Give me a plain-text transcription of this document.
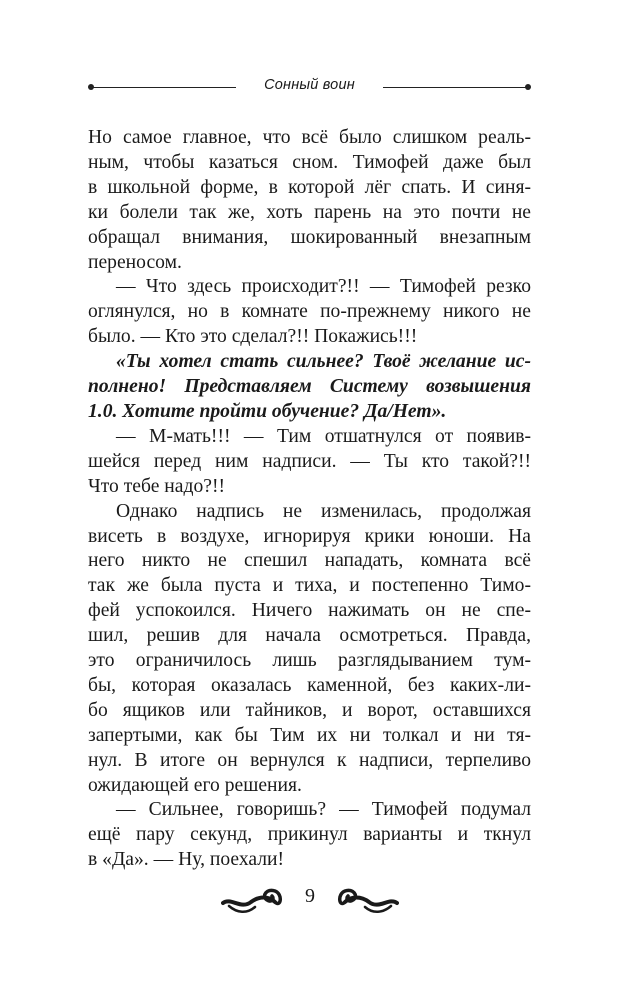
Сонный воин

Но самое главное, что всё было слишком реаль-

ным, чтобы казаться сном. Тимофей даже был

в школьной форме, в которой лёг спать. И синя-

ки болели так же, хоть парень на это почти не

обращал внимания, шокированный внезапным

переносом.

— Что здесь происходит?!! — Тимофей резко

оглянулся, но в комнате по-прежнему никого не

было. — Кто это сделал?!! Покажись!!!

«Ты хотел стать сильнее? Твоё желание ис-

полнено! Представляем Систему возвышения

1.0. Хотите пройти обучение? Да/Нет».

— М-мать!!! — Тим отшатнулся от появив-

шейся перед ним надписи. — Ты кто такой?!!

Что тебе надо?!!

Однако надпись не изменилась, продолжая

висеть в воздухе, игнорируя крики юноши. На

него никто не спешил нападать, комната всё

так же была пуста и тиха, и постепенно Тимо-

фей успокоился. Ничего нажимать он не спе-

шил, решив для начала осмотреться. Правда,

это ограничилось лишь разглядыванием тум-

бы, которая оказалась каменной, без каких-ли-

бо ящиков или тайников, и ворот, оставшихся

запертыми, как бы Тим их ни толкал и ни тя-

нул. В итоге он вернулся к надписи, терпеливо

ожидающей его решения.

— Сильнее, говоришь? — Тимофей подумал

ещё пару секунд, прикинул варианты и ткнул

в «Да». — Ну, поехали!

9
